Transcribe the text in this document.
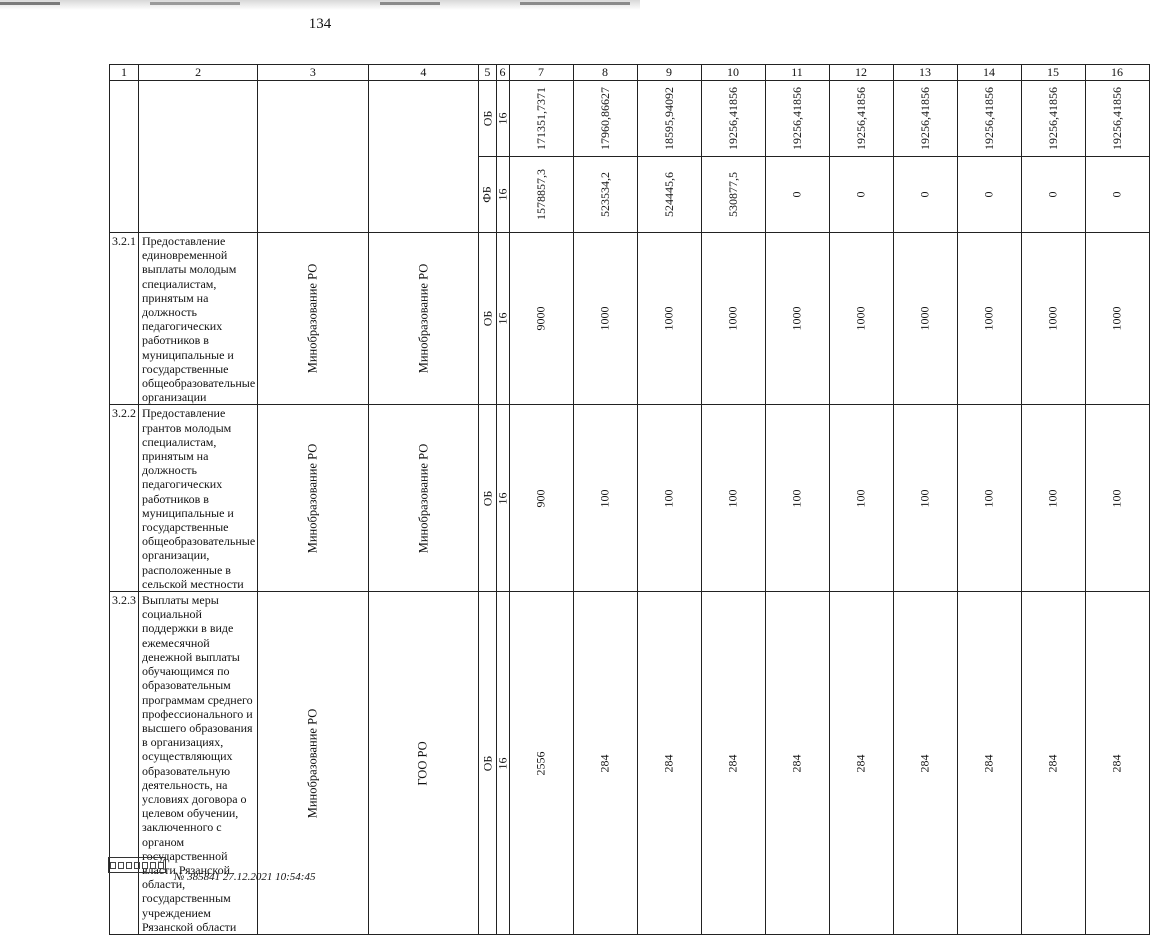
134
1	2	3	4	5	6	7	8	9	10	11	12	13	14	15	16
				ОБ	16	171351,7371	17960,86627	18595,94092	19256,41856	19256,41856	19256,41856	19256,41856	19256,41856	19256,41856	19256,41856
				ФБ	16	1578857,3	523534,2	524445,6	530877,5	0	0	0	0	0	0
3.2.1	Предоставление единовременной выплаты молодым специалистам, принятым на должность педагогических работников в муниципальные и государственные общеобразовательные организации	Минобразование РО	Минобразование РО	ОБ	16	9000	1000	1000	1000	1000	1000	1000	1000	1000	1000
3.2.2	Предоставление грантов молодым специалистам, принятым на должность педагогических работников в муниципальные и государственные общеобразовательные организации, расположенные в сельской местности	Минобразование РО	Минобразование РО	ОБ	16	900	100	100	100	100	100	100	100	100	100
3.2.3	Выплаты меры социальной поддержки в виде ежемесячной денежной выплаты обучающимся по образовательным программам среднего профессионального и высшего образования в организациях, осуществляющих образовательную деятельность, на условиях договора о целевом обучении, заключенного с органом государственной власти Рязанской области, государственным учреждением Рязанской области	Минобразование РО	ГОО РО	ОБ	16	2556	284	284	284	284	284	284	284	284	284
№ 385841 27.12.2021 10:54:45
